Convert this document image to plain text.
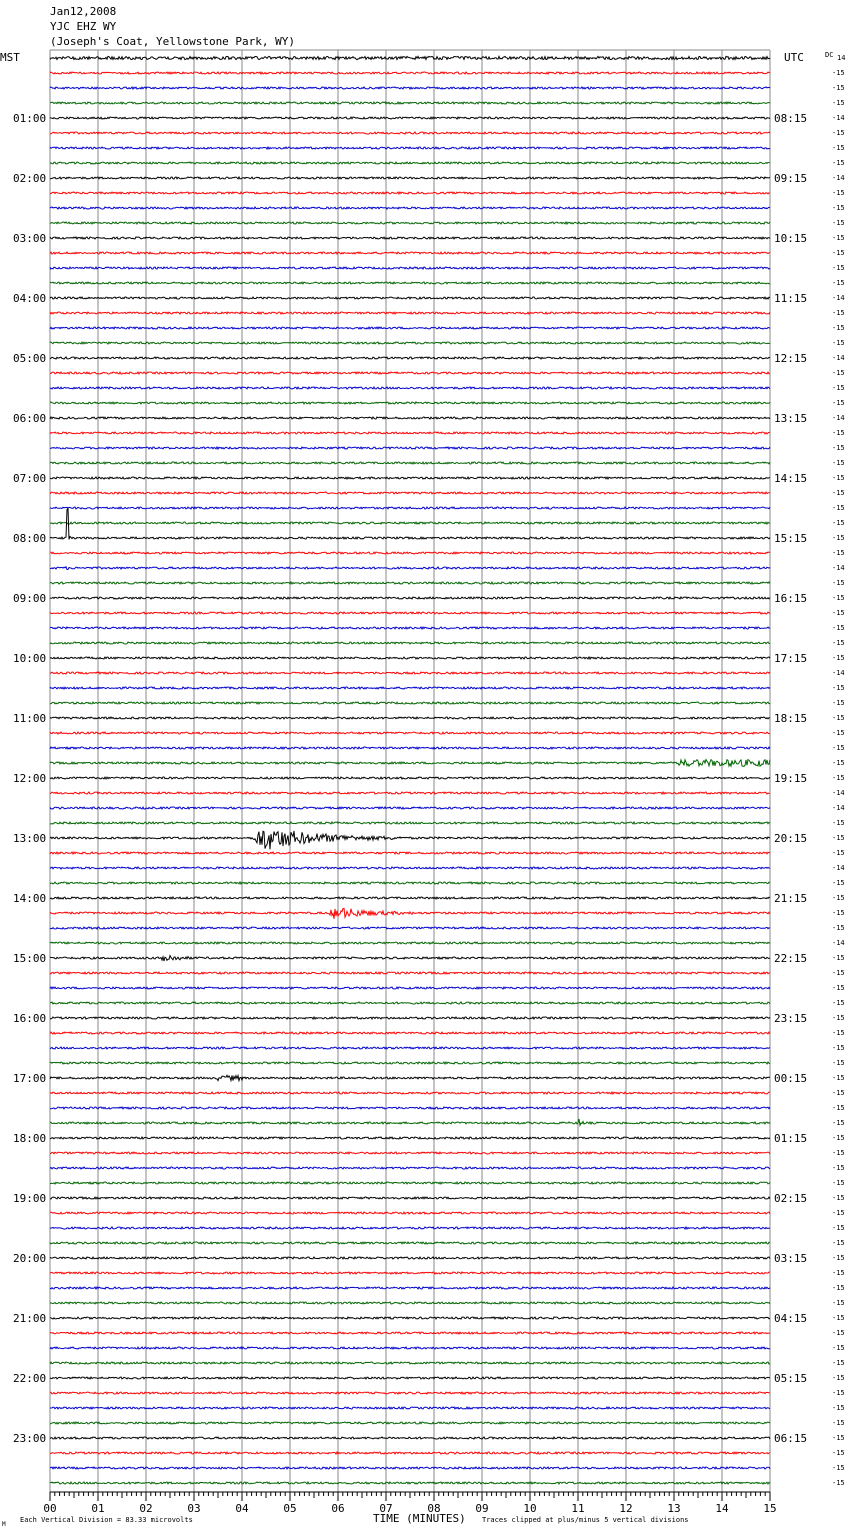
Jan12,2008
YJC EHZ WY
(Joseph's Coat, Yellowstone Park, WY)
01:00
02:00
03:00
04:00
05:00
06:00
07:00
08:00
09:00
10:00
11:00
12:00
13:00
14:00
15:00
16:00
17:00
18:00
19:00
20:00
21:00
22:00
23:00
08:15
09:15
10:15
11:15
12:15
13:15
14:15
15:15
16:15
17:15
18:15
19:15
20:15
21:15
22:15
23:15
00:15
01:15
02:15
03:15
04:15
05:15
06:15
14
-15
-15
-15
-14
-15
-15
-15
-14
-15
-15
-15
-15
-15
-15
-15
-14
-15
-15
-15
-14
-15
-15
-15
-14
-15
-15
-15
-15
-15
-15
-15
-15
-15
-14
-15
-15
-15
-15
-15
-15
-14
-15
-15
-15
-15
-15
-15
-15
-14
-14
-15
-15
-15
-14
-15
-15
-15
-15
-14
-15
-15
-15
-15
-15
-15
-15
-15
-15
-15
-15
-15
-15
-15
-15
-15
-15
-15
-15
-15
-15
-15
-15
-15
-15
-15
-15
-15
-15
-15
-15
-15
-15
-15
-15
-15
00	01	02	03	04	05	06	07	08	09	10	11	12	13	14	15
MST	UTC	DC
TIME (MINUTES)
Each Vertical Division = 83.33 microvolts	Traces clipped at plus/minus 5 vertical divisions
M
